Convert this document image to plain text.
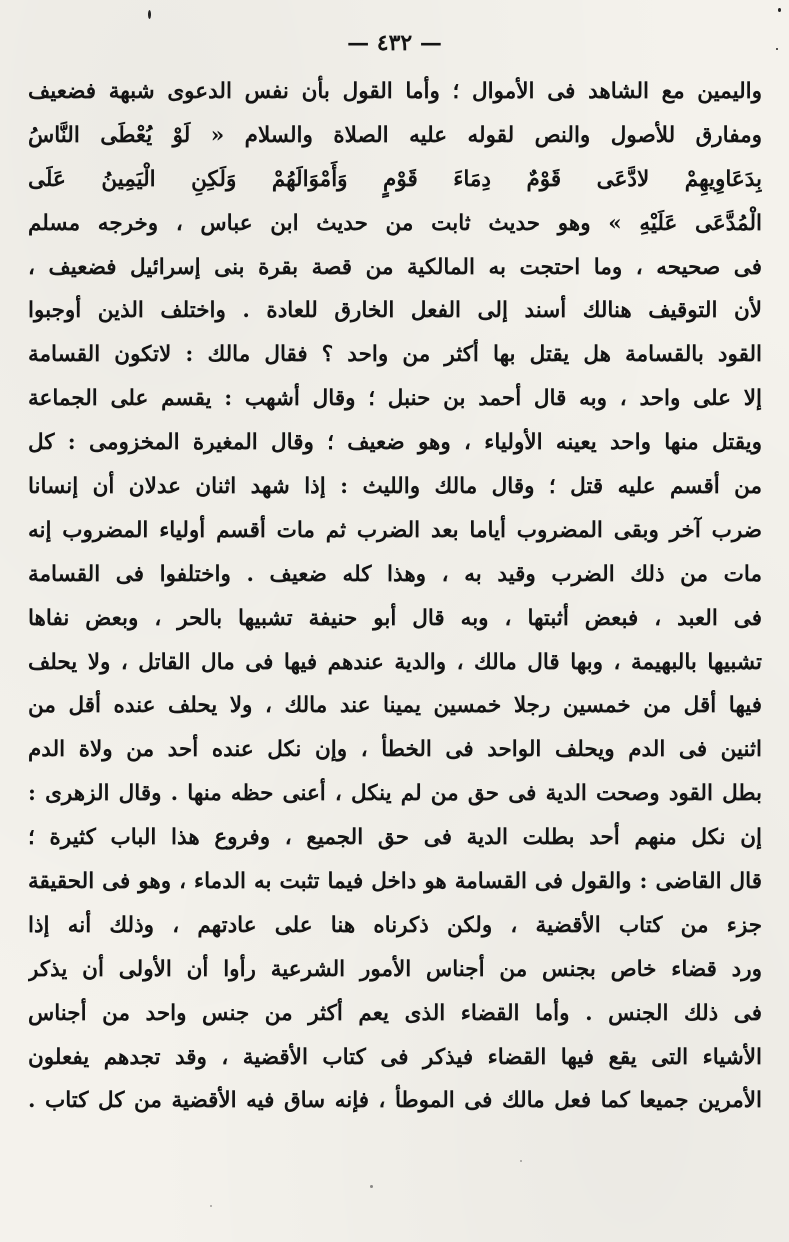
— ٤٣٢ —
واليمين مع الشاهد فى الأموال ؛ وأما القول بأن نفس الدعوى شبهة فضعيف
ومفارق للأصول والنص لقوله عليه الصلاة والسلام « لَوْ يُعْطَى النَّاسُ
بِدَعَاوِيهِمْ لادَّعَى قَوْمٌ دِمَاءَ قَوْمٍ وَأَمْوَالَهُمْ وَلَكِنِ الْيَمِينُ عَلَى
الْمُدَّعَى عَلَيْهِ » وهو حديث ثابت من حديث ابن عباس ، وخرجه مسلم
فى صحيحه ، وما احتجت به المالكية من قصة بقرة بنى إسرائيل فضعيف ،
لأن التوقيف هنالك أسند إلى الفعل الخارق للعادة . واختلف الذين أوجبوا
القود بالقسامة هل يقتل بها أكثر من واحد ؟ فقال مالك : لاتكون القسامة
إلا على واحد ، وبه قال أحمد بن حنبل ؛ وقال أشهب : يقسم على الجماعة
ويقتل منها واحد يعينه الأولياء ، وهو ضعيف ؛ وقال المغيرة المخزومى : كل
من أقسم عليه قتل ؛ وقال مالك والليث : إذا شهد اثنان عدلان أن إنسانا
ضرب آخر وبقى المضروب أياما بعد الضرب ثم مات أقسم أولياء المضروب إنه
مات من ذلك الضرب وقيد به ، وهذا كله ضعيف . واختلفوا فى القسامة
فى العبد ، فبعض أثبتها ، وبه قال أبو حنيفة تشبيها بالحر ، وبعض نفاها
تشبيها بالبهيمة ، وبها قال مالك ، والدية عندهم فيها فى مال القاتل ، ولا يحلف
فيها أقل من خمسين رجلا خمسين يمينا عند مالك ، ولا يحلف عنده أقل من
اثنين فى الدم ويحلف الواحد فى الخطأ ، وإن نكل عنده أحد من ولاة الدم
بطل القود وصحت الدية فى حق من لم ينكل ، أعنى حظه منها . وقال الزهرى :
إن نكل منهم أحد بطلت الدية فى حق الجميع ، وفروع هذا الباب كثيرة ؛
قال القاضى : والقول فى القسامة هو داخل فيما تثبت به الدماء ، وهو فى الحقيقة
جزء من كتاب الأقضية ، ولكن ذكرناه هنا على عادتهم ، وذلك أنه إذا
ورد قضاء خاص بجنس من أجناس الأمور الشرعية رأوا أن الأولى أن يذكر
فى ذلك الجنس . وأما القضاء الذى يعم أكثر من جنس واحد من أجناس
الأشياء التى يقع فيها القضاء فيذكر فى كتاب الأقضية ، وقد تجدهم يفعلون
الأمرين جميعا كما فعل مالك فى الموطأ ، فإنه ساق فيه الأقضية من كل كتاب .
